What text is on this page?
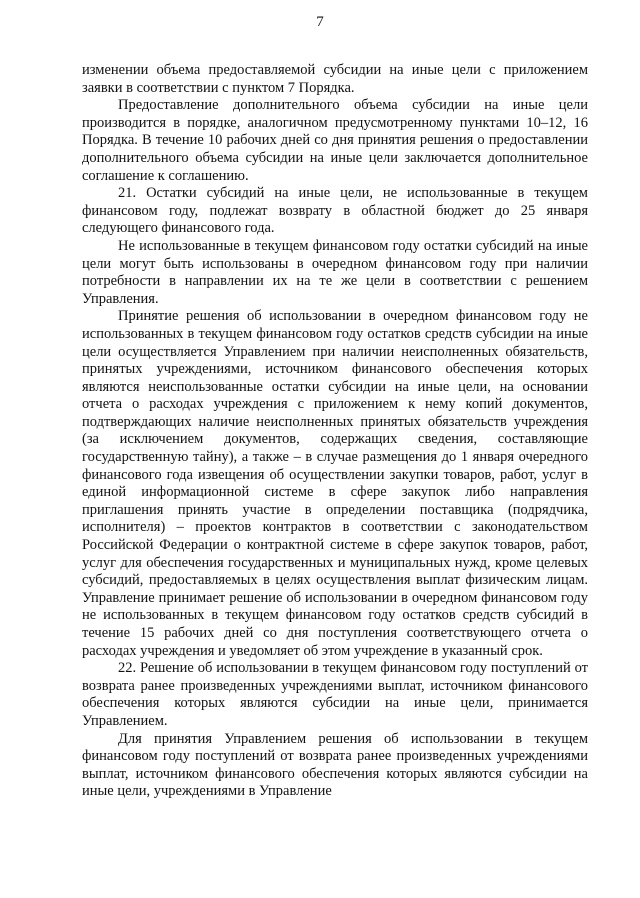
7

изменении объема предоставляемой субсидии на иные цели с приложением заявки в соответствии с пунктом 7 Порядка.

Предоставление дополнительного объема субсидии на иные цели производится в порядке, аналогичном предусмотренному пунктами 10–12, 16 Порядка. В течение 10 рабочих дней со дня принятия решения о предоставлении дополнительного объема субсидии на иные цели заключается дополнительное соглашение к соглашению.

21. Остатки субсидий на иные цели, не использованные в текущем финансовом году, подлежат возврату в областной бюджет до 25 января следующего финансового года.

Не использованные в текущем финансовом году остатки субсидий на иные цели могут быть использованы в очередном финансовом году при наличии потребности в направлении их на те же цели в соответствии с решением Управления.

Принятие решения об использовании в очередном финансовом году не использованных в текущем финансовом году остатков средств субсидии на иные цели осуществляется Управлением при наличии неисполненных обязательств, принятых учреждениями, источником финансового обеспечения которых являются неиспользованные остатки субсидии на иные цели, на основании отчета о расходах учреждения с приложением к нему копий документов, подтверждающих наличие неисполненных принятых обязательств учреждения (за исключением документов, содержащих сведения, составляющие государственную тайну), а также – в случае размещения до 1 января очередного финансового года извещения об осуществлении закупки товаров, работ, услуг в единой информационной системе в сфере закупок либо направления приглашения принять участие в определении поставщика (подрядчика, исполнителя) – проектов контрактов в соответствии с законодательством Российской Федерации о контрактной системе в сфере закупок товаров, работ, услуг для обеспечения государственных и муниципальных нужд, кроме целевых субсидий, предоставляемых в целях осуществления выплат физическим лицам. Управление принимает решение об использовании в очередном финансовом году не использованных в текущем финансовом году остатков средств субсидий в течение 15 рабочих дней со дня поступления соответствующего отчета о расходах учреждения и уведомляет об этом учреждение в указанный срок.

22. Решение об использовании в текущем финансовом году поступлений от возврата ранее произведенных учреждениями выплат, источником финансового обеспечения которых являются субсидии на иные цели, принимается Управлением.

Для принятия Управлением решения об использовании в текущем финансовом году поступлений от возврата ранее произведенных учреждениями выплат, источником финансового обеспечения которых являются субсидии на иные цели, учреждениями в Управление
